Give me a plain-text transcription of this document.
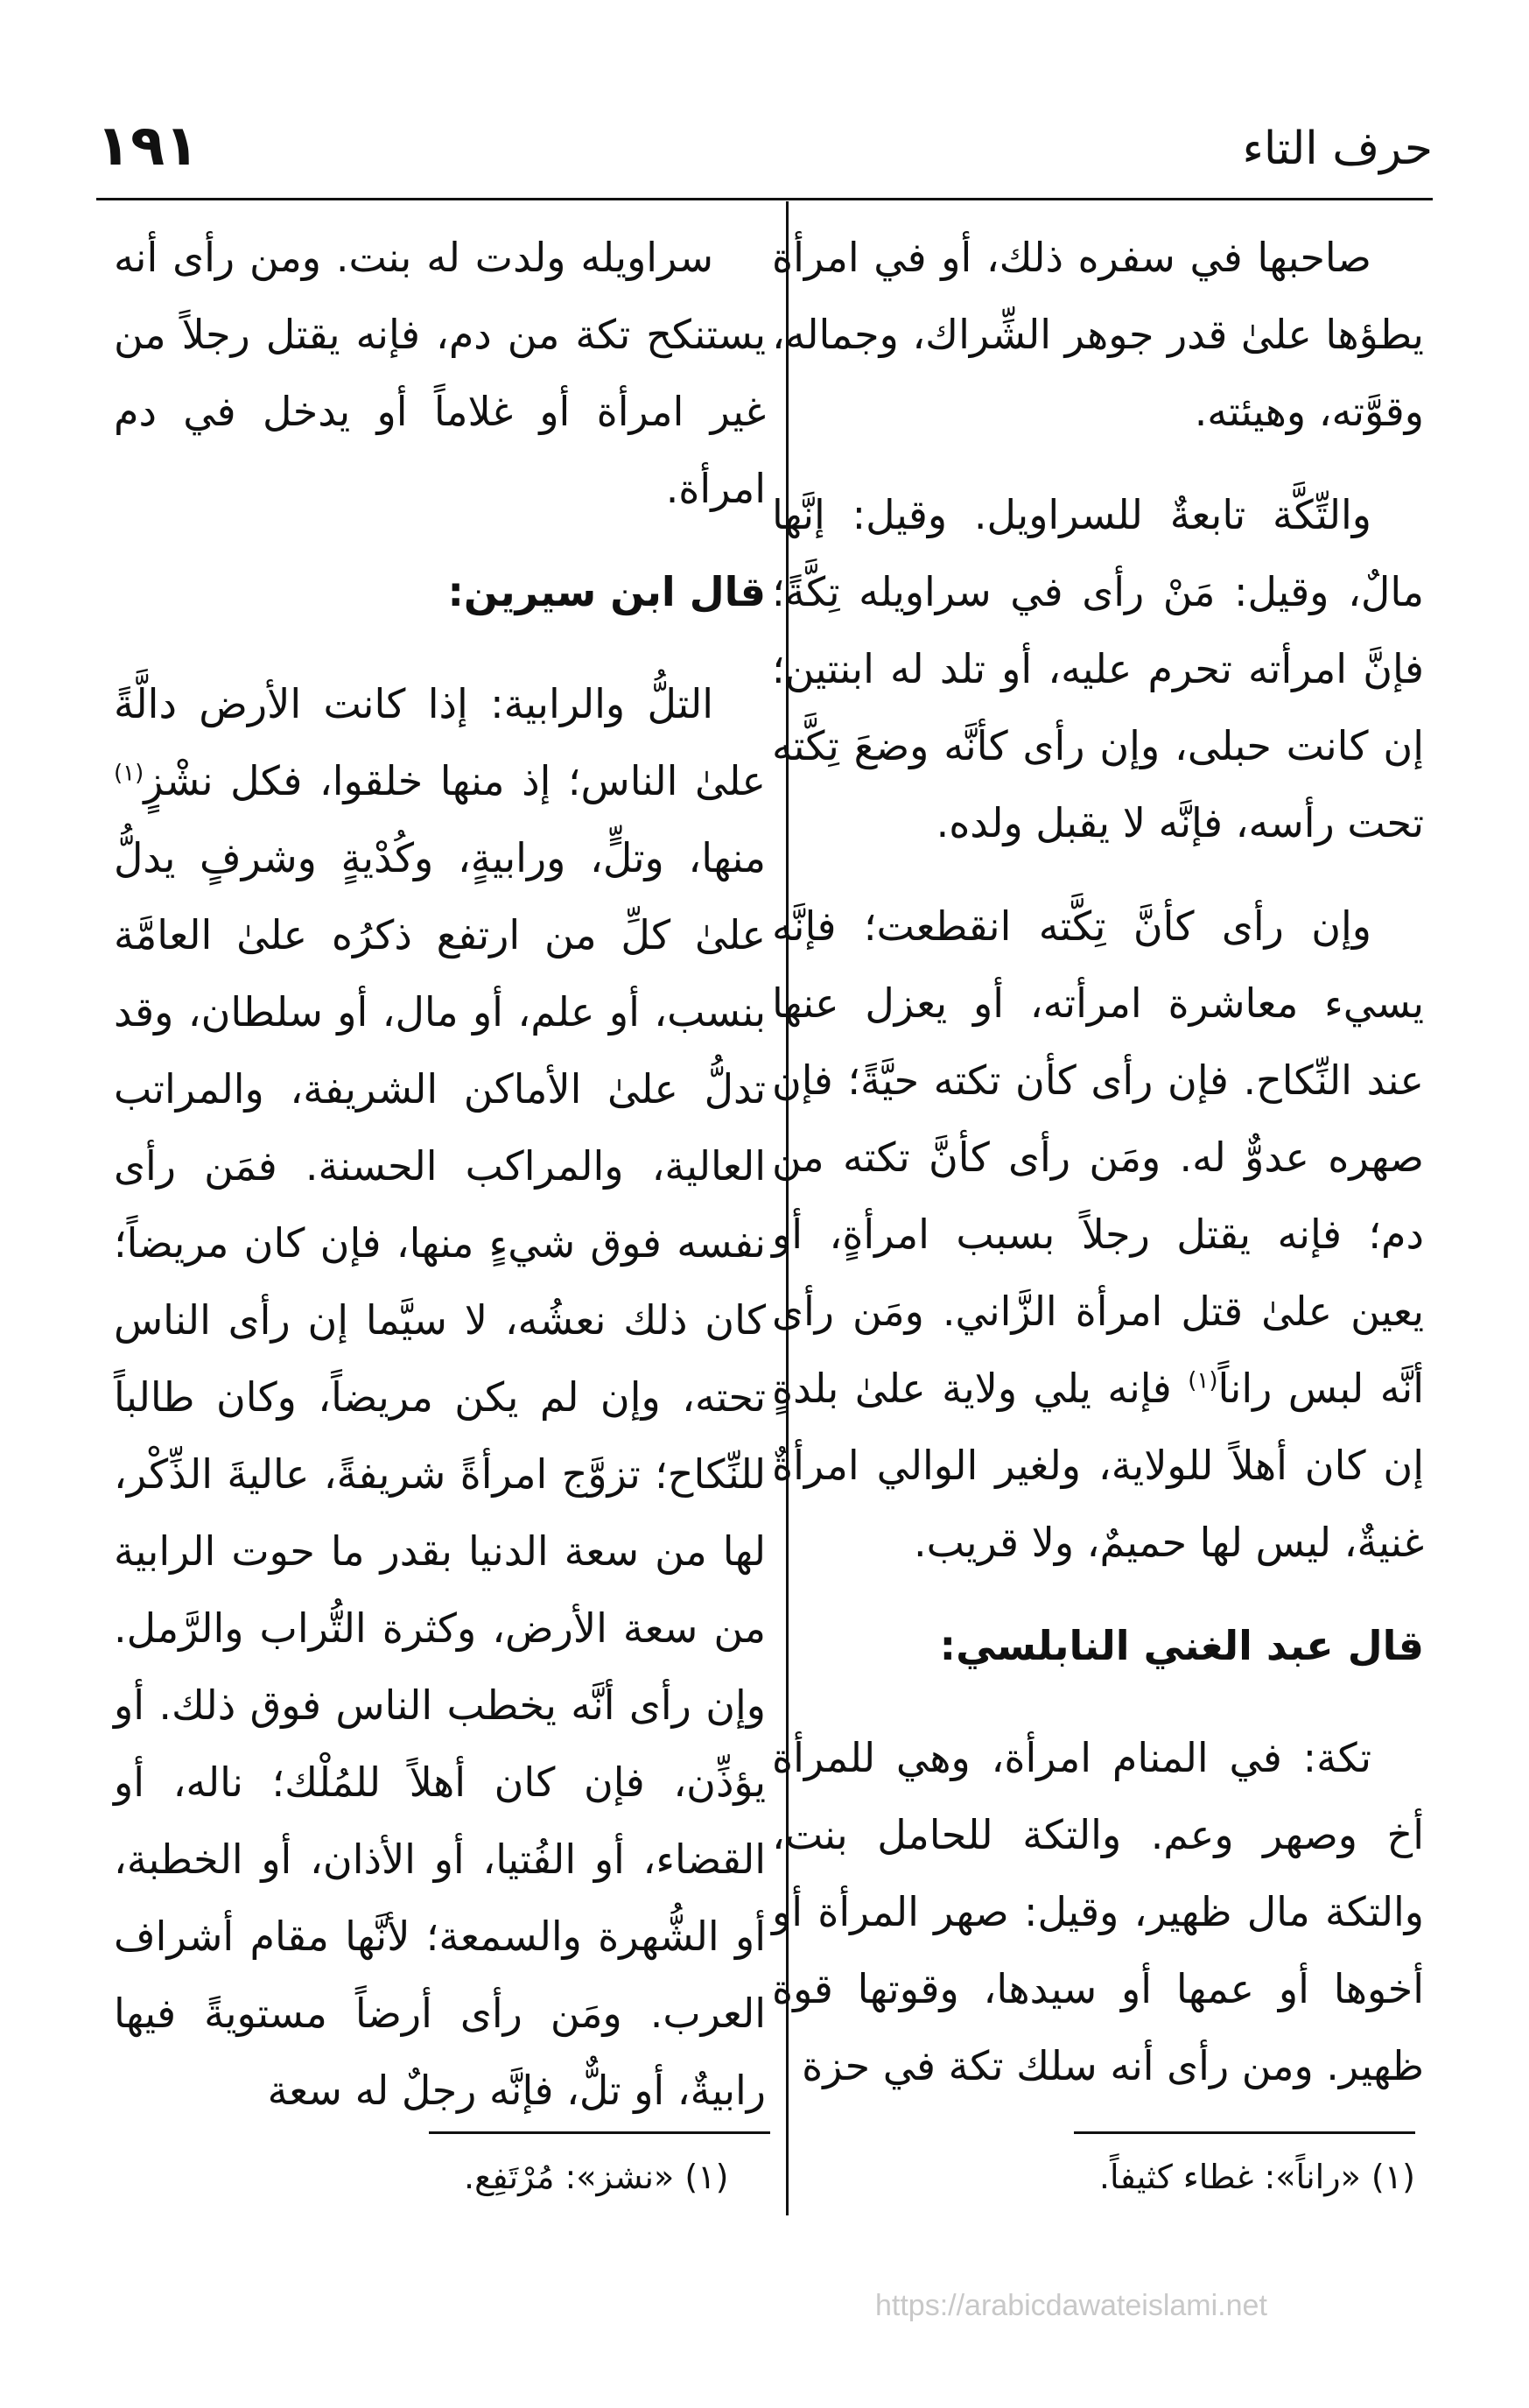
حرف التاء
١٩١

صاحبها في سفره ذلك، أو في امرأة يطؤها علىٰ قدر جوهر الشِّراك، وجماله، وقوَّته، وهيئته.

والتِّكَّة تابعةٌ للسراويل. وقيل: إنَّها مالٌ، وقيل: مَنْ رأى في سراويله تِكَّةً؛ فإنَّ امرأته تحرم عليه، أو تلد له ابنتين؛ إن كانت حبلى، وإن رأى كأنَّه وضعَ تِكَّته تحت رأسه، فإنَّه لا يقبل ولده.

وإن رأى كأنَّ تِكَّته انقطعت؛ فإنَّه يسيء معاشرة امرأته، أو يعزل عنها عند النِّكاح. فإن رأى كأن تكته حيَّةً؛ فإن صهره عدوٌّ له. ومَن رأى كأنَّ تكته من دم؛ فإنه يقتل رجلاً بسبب امرأةٍ، أو يعين علىٰ قتل امرأة الزَّاني. ومَن رأى أنَّه لبس راناً$^{(١)}$ فإنه يلي ولاية علىٰ بلدةٍ إن كان أهلاً للولاية، ولغير الوالي امرأةٌ غنيةٌ، ليس لها حميمٌ، ولا قريب.

قال عبد الغني النابلسي:

تكة: في المنام امرأة، وهي للمرأة أخ وصهر وعم. والتكة للحامل بنت، والتكة مال ظهير، وقيل: صهر المرأة أو أخوها أو عمها أو سيدها، وقوتها قوة ظهير. ومن رأى أنه سلك تكة في حزة

سراويله ولدت له بنت. ومن رأى أنه يستنكح تكة من دم، فإنه يقتل رجلاً من غير امرأة أو غلاماً أو يدخل في دم امرأة.

قال ابن سيرين:

التلُّ والرابية: إذا كانت الأرض دالَّةً علىٰ الناس؛ إذ منها خلقوا، فكل نشْزٍ$^{(١)}$ منها، وتلٍّ، ورابيةٍ، وكُدْيةٍ وشرفٍ يدلُّ علىٰ كلِّ من ارتفع ذكرُه علىٰ العامَّة بنسب، أو علم، أو مال، أو سلطان، وقد تدلُّ علىٰ الأماكن الشريفة، والمراتب العالية، والمراكب الحسنة. فمَن رأى نفسه فوق شيءٍ منها، فإن كان مريضاً؛ كان ذلك نعشُه، لا سيَّما إن رأى الناس تحته، وإن لم يكن مريضاً، وكان طالباً للنِّكاح؛ تزوَّج امرأةً شريفةً، عاليةَ الذِّكْر، لها من سعة الدنيا بقدر ما حوت الرابية من سعة الأرض، وكثرة التُّراب والرَّمل. وإن رأى أنَّه يخطب الناس فوق ذلك. أو يؤذِّن، فإن كان أهلاً للمُلْك؛ ناله، أو القضاء، أو الفُتيا، أو الأذان، أو الخطبة، أو الشُّهرة والسمعة؛ لأنَّها مقام أشراف العرب. ومَن رأى أرضاً مستويةً فيها رابيةٌ، أو تلٌّ، فإنَّه رجلٌ له سعة

(١) «راناً»: غطاء كثيفاً.
(١) «نشز»: مُرْتَفِع.
https://arabicdawateislami.net
